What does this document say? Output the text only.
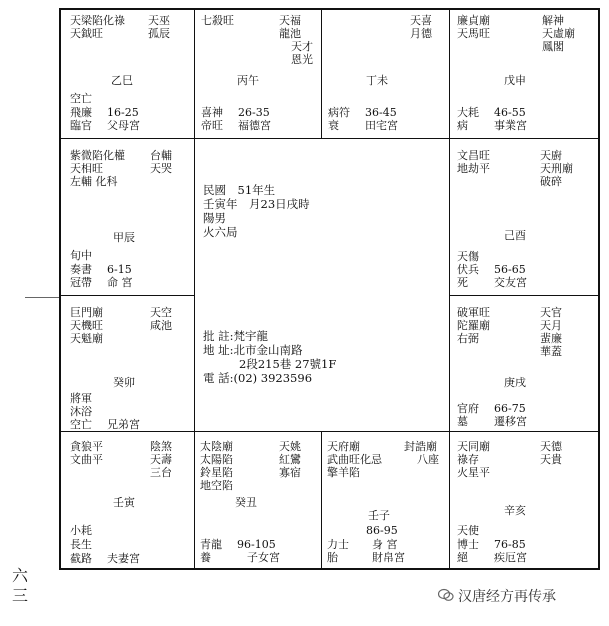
天梁陷化祿
天鉞旺
天巫
孤辰
乙巳
空亡
飛廉
臨官
16-25
父母宮
七殺旺	天福
龍池
天才
恩光
丙午
喜神
帝旺
26-35
福德宮
天喜
月德
丁未
病符
衰
36-45
田宅宮
廉貞廟
天馬旺
解神
天虛廟
鳳閣
戊申
大耗
病
46-55
事業宮
紫微陷化權
天相旺
左輔 化科
台輔
天哭
甲辰
旬中
奏書
冠帶
6-15
命 宮
文昌旺
地劫平
天廚
天刑廟
破碎
己酉
天傷
伏兵
死
56-65
交友宮
巨門廟
天機旺
天魁廟
天空
咸池
癸卯
將軍
沐浴
空亡 兄弟宮
破軍旺
陀羅廟
右弼
天官
天月
蜚廉
華蓋
庚戌
官府
墓
66-75
遷移宮
貪狼平
文曲平
陰煞
天壽
三台
壬寅
小耗
長生
截路 夫妻宮
太陰廟
太陽陷
鈴星陷
地空陷
天姚
紅鸞
寡宿
癸丑
青龍
養
96-105
子女宮
天府廟
武曲旺化忌
擎羊陷
封誥廟
八座
壬子
86-95
力士
胎
身 宮
財帛宮
天同廟
祿存
火星平
天德
天貴
辛亥
天使
博士
絕
76-85
疾厄宮
民國　51年生
壬寅年　月23日戌時
陽男
火六局
批 註:梵宇龍
地 址:北市金山南路
2段215巷 27號1F
電 話:(02) 3923596
六
三	汉唐经方再传承
